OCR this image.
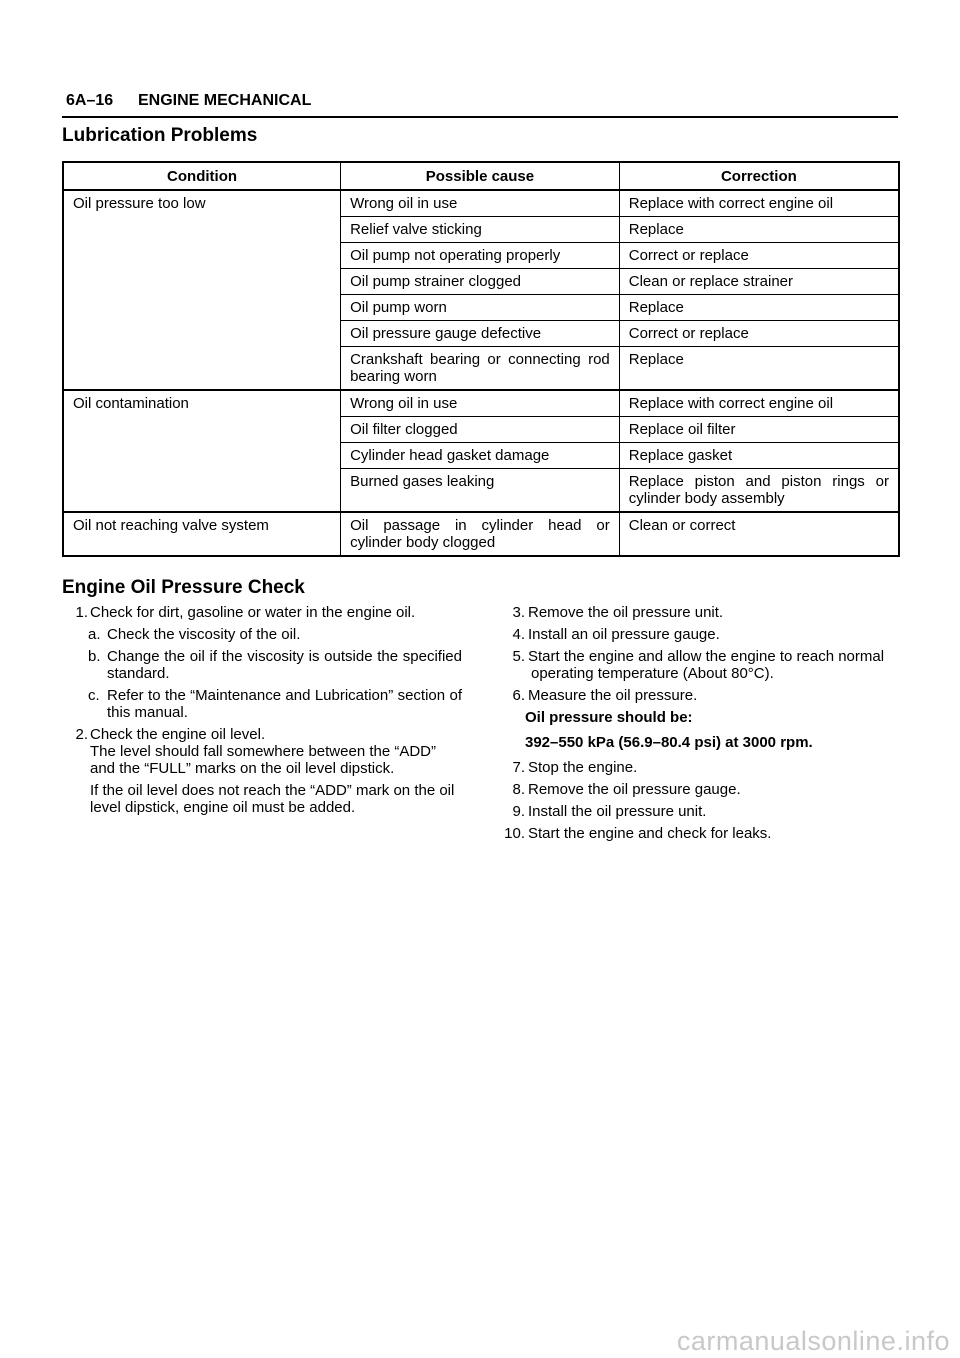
6A–16 ENGINE MECHANICAL
Lubrication Problems
Condition	Possible cause	Correction
Oil pressure too low	Wrong oil in use	Replace with correct engine oil
	Relief valve sticking	Replace
	Oil pump not operating properly	Correct or replace
	Oil pump strainer clogged	Clean or replace strainer
	Oil pump worn	Replace
	Oil pressure gauge defective	Correct or replace
	Crankshaft bearing or connecting rod bearing worn	Replace
Oil contamination	Wrong oil in use	Replace with correct engine oil
	Oil filter clogged	Replace oil filter
	Cylinder head gasket damage	Replace gasket
	Burned gases leaking	Replace piston and piston rings or cylinder body assembly
Oil not reaching valve system	Oil passage in cylinder head or cylinder body clogged	Clean or correct
Engine Oil Pressure Check
1. Check for dirt, gasoline or water in the engine oil.
a. Check the viscosity of the oil.
b. Change the oil if the viscosity is outside the specified standard.
c. Refer to the “Maintenance and Lubrication” section of this manual.
2. Check the engine oil level.
The level should fall somewhere between the “ADD” and the “FULL” marks on the oil level dipstick.
If the oil level does not reach the “ADD” mark on the oil level dipstick, engine oil must be added.
3. Remove the oil pressure unit.
4. Install an oil pressure gauge.
5. Start the engine and allow the engine to reach normal operating temperature (About 80°C).
6. Measure the oil pressure.
Oil pressure should be:
392–550 kPa (56.9–80.4 psi) at 3000 rpm.
7. Stop the engine.
8. Remove the oil pressure gauge.
9. Install the oil pressure unit.
10. Start the engine and check for leaks.
carmanualsonline.info
